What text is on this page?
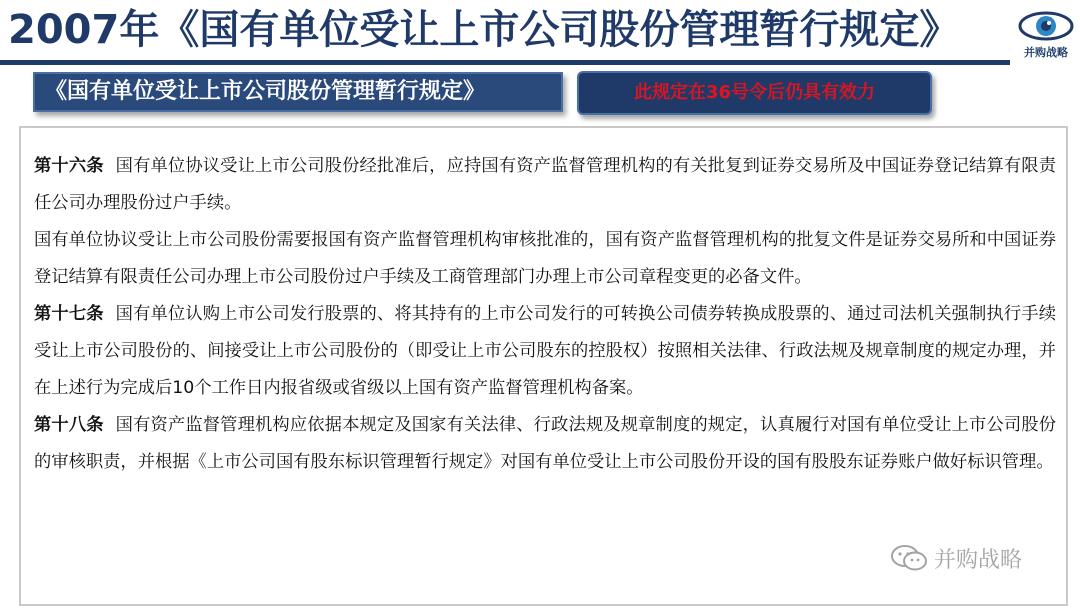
2007年《国有单位受让上市公司股份管理暂行规定》	并购战略
《国有单位受让上市公司股份管理暂行规定》	此规定在36号令后仍具有效力

第十六条 国有单位协议受让上市公司股份经批准后，应持国有资产监督管理机构的有关批复到证券交易所及中国证券登记结算有限责任公司办理股份过户手续。

国有单位协议受让上市公司股份需要报国有资产监督管理机构审核批准的，国有资产监督管理机构的批复文件是证券交易所和中国证券登记结算有限责任公司办理上市公司股份过户手续及工商管理部门办理上市公司章程变更的必备文件。

第十七条 国有单位认购上市公司发行股票的、将其持有的上市公司发行的可转换公司债券转换成股票的、通过司法机关强制执行手续受让上市公司股份的、间接受让上市公司股份的（即受让上市公司股东的控股权）按照相关法律、行政法规及规章制度的规定办理，并在上述行为完成后10个工作日内报省级或省级以上国有资产监督管理机构备案。

第十八条 国有资产监督管理机构应依据本规定及国家有关法律、行政法规及规章制度的规定，认真履行对国有单位受让上市公司股份的审核职责，并根据《上市公司国有股东标识管理暂行规定》对国有单位受让上市公司股份开设的国有股股东证券账户做好标识管理。

并购战略
